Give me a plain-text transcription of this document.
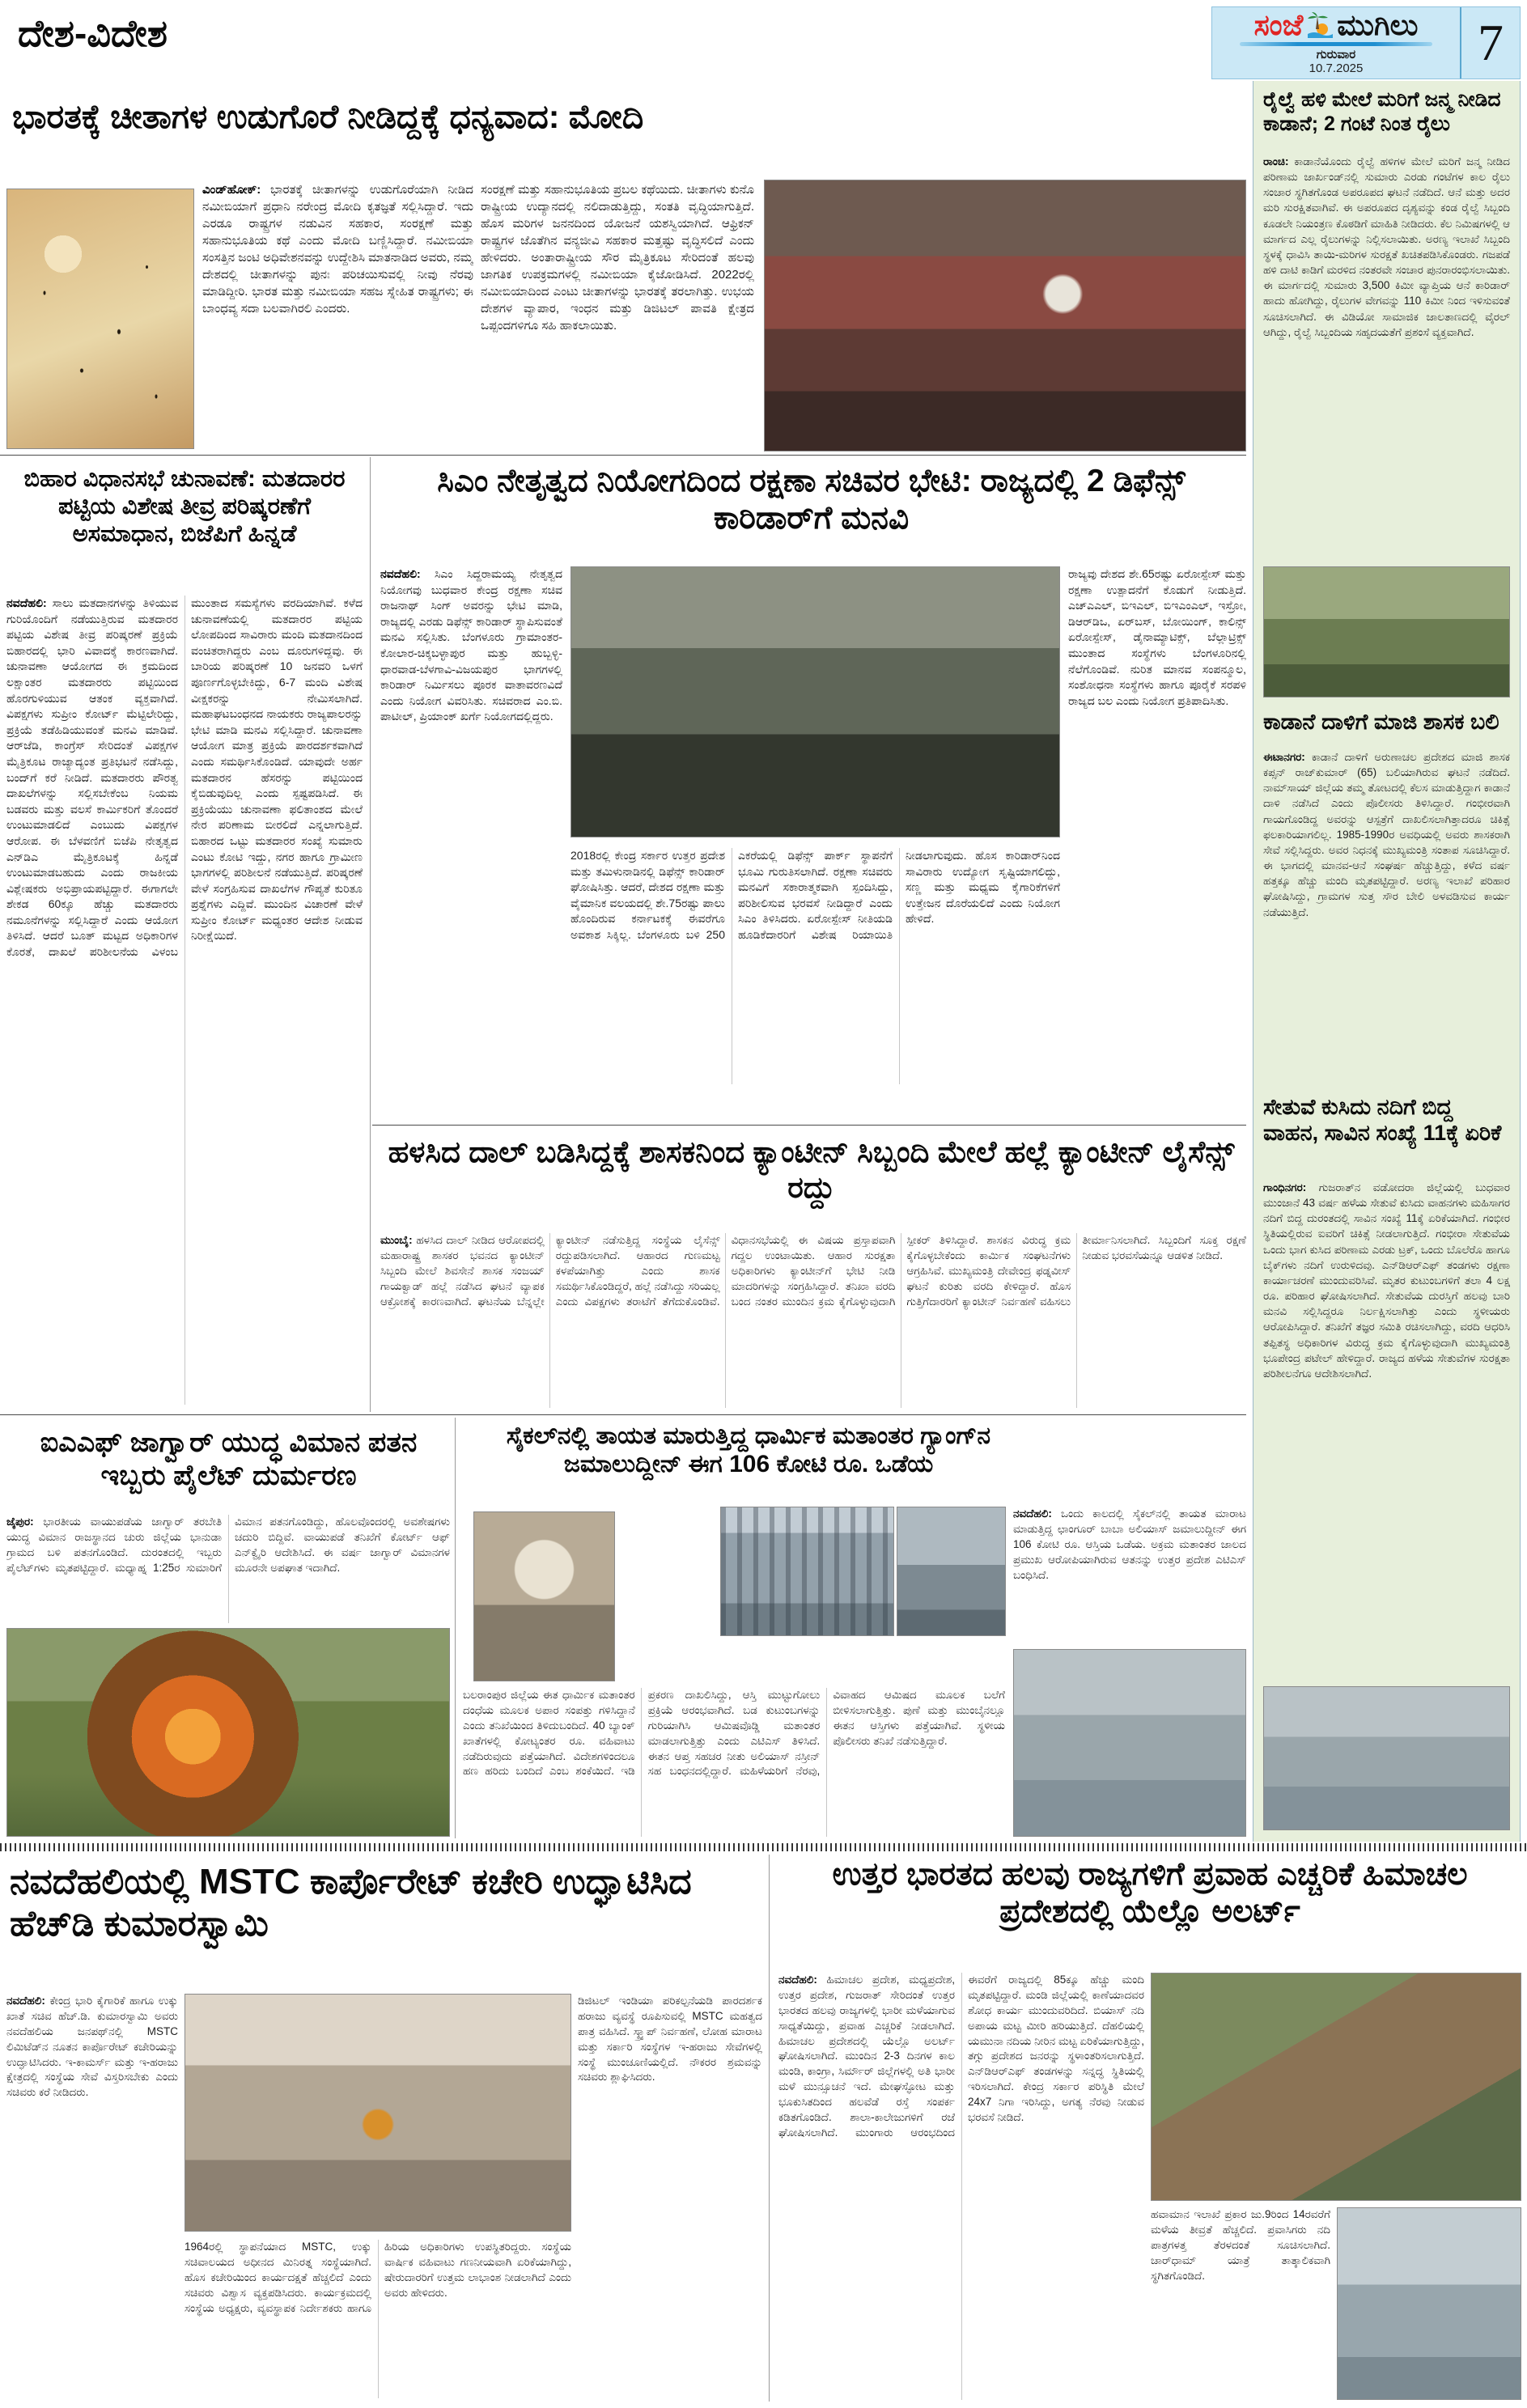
ದೇಶ-ವಿದೇಶ	ಸಂಜೆ ಮುಗಿಲು
ಗುರುವಾರ
10.7.2025	7
ಭಾರತಕ್ಕೆ ಚೀತಾಗಳ ಉಡುಗೊರೆ ನೀಡಿದ್ದಕ್ಕೆ ಧನ್ಯವಾದ: ಮೋದಿ
ವಿಂಡ್‌ಹೋಕ್: ಭಾರತಕ್ಕೆ ಚೀತಾಗಳನ್ನು ಉಡುಗೊರೆಯಾಗಿ ನೀಡಿದ ನಮೀಬಿಯಾಗೆ ಪ್ರಧಾನಿ ನರೇಂದ್ರ ಮೋದಿ ಕೃತಜ್ಞತೆ ಸಲ್ಲಿಸಿದ್ದಾರೆ. ಇದು ಎರಡೂ ರಾಷ್ಟ್ರಗಳ ನಡುವಿನ ಸಹಕಾರ, ಸಂರಕ್ಷಣೆ ಮತ್ತು ಸಹಾನುಭೂತಿಯ ಕಥೆ ಎಂದು ಮೋದಿ ಬಣ್ಣಿಸಿದ್ದಾರೆ. ನಮೀಬಿಯಾ ಸಂಸತ್ತಿನ ಜಂಟಿ ಅಧಿವೇಶನವನ್ನು ಉದ್ದೇಶಿಸಿ ಮಾತನಾಡಿದ ಅವರು, ನಮ್ಮ ದೇಶದಲ್ಲಿ ಚೀತಾಗಳನ್ನು ಪುನಃ ಪರಿಚಯಿಸುವಲ್ಲಿ ನೀವು ನೆರವು ಮಾಡಿದ್ದೀರಿ. ಭಾರತ ಮತ್ತು ನಮೀಬಿಯಾ ಸಹಜ ಸ್ನೇಹಿತ ರಾಷ್ಟ್ರಗಳು; ಈ ಬಾಂಧವ್ಯ ಸದಾ ಬಲವಾಗಿರಲಿ ಎಂದರು.
ಸಂರಕ್ಷಣೆ ಮತ್ತು ಸಹಾನುಭೂತಿಯ ಪ್ರಬಲ ಕಥೆಯಿದು. ಚೀತಾಗಳು ಕುನೊ ರಾಷ್ಟ್ರೀಯ ಉದ್ಯಾನದಲ್ಲಿ ನಲಿದಾಡುತ್ತಿದ್ದು, ಸಂತತಿ ವೃದ್ಧಿಯಾಗುತ್ತಿದೆ. ಹೊಸ ಮರಿಗಳ ಜನನದಿಂದ ಯೋಜನೆ ಯಶಸ್ವಿಯಾಗಿದೆ. ಆಫ್ರಿಕನ್ ರಾಷ್ಟ್ರಗಳ ಜೊತೆಗಿನ ವನ್ಯಜೀವಿ ಸಹಕಾರ ಮತ್ತಷ್ಟು ವೃದ್ಧಿಸಲಿದೆ ಎಂದು ಹೇಳಿದರು. ಅಂತಾರಾಷ್ಟ್ರೀಯ ಸೌರ ಮೈತ್ರಿಕೂಟ ಸೇರಿದಂತೆ ಹಲವು ಜಾಗತಿಕ ಉಪಕ್ರಮಗಳಲ್ಲಿ ನಮೀಬಿಯಾ ಕೈಜೋಡಿಸಿದೆ. 2022ರಲ್ಲಿ ನಮೀಬಿಯಾದಿಂದ ಎಂಟು ಚೀತಾಗಳನ್ನು ಭಾರತಕ್ಕೆ ತರಲಾಗಿತ್ತು. ಉಭಯ ದೇಶಗಳ ವ್ಯಾಪಾರ, ಇಂಧನ ಮತ್ತು ಡಿಜಿಟಲ್ ಪಾವತಿ ಕ್ಷೇತ್ರದ ಒಪ್ಪಂದಗಳಿಗೂ ಸಹಿ ಹಾಕಲಾಯಿತು.
ಬಿಹಾರ ವಿಧಾನಸಭೆ ಚುನಾವಣೆ: ಮತದಾರರ ಪಟ್ಟಿಯ ವಿಶೇಷ ತೀವ್ರ ಪರಿಷ್ಕರಣೆಗೆ ಅಸಮಾಧಾನ, ಬಿಜೆಪಿಗೆ ಹಿನ್ನಡೆ
ನವದೆಹಲಿ: ಸಾಲು ಮತದಾನಗಳನ್ನು ತಿಳಿಯುವ ಗುರಿಯೊಂದಿಗೆ ನಡೆಯುತ್ತಿರುವ ಮತದಾರರ ಪಟ್ಟಿಯ ವಿಶೇಷ ತೀವ್ರ ಪರಿಷ್ಕರಣೆ ಪ್ರಕ್ರಿಯೆ ಬಿಹಾರದಲ್ಲಿ ಭಾರಿ ವಿವಾದಕ್ಕೆ ಕಾರಣವಾಗಿದೆ. ಚುನಾವಣಾ ಆಯೋಗದ ಈ ಕ್ರಮದಿಂದ ಲಕ್ಷಾಂತರ ಮತದಾರರು ಪಟ್ಟಿಯಿಂದ ಹೊರಗುಳಿಯುವ ಆತಂಕ ವ್ಯಕ್ತವಾಗಿದೆ. ವಿಪಕ್ಷಗಳು ಸುಪ್ರೀಂ ಕೋರ್ಟ್ ಮೆಟ್ಟಿಲೇರಿದ್ದು, ಪ್ರಕ್ರಿಯೆ ತಡೆಹಿಡಿಯುವಂತೆ ಮನವಿ ಮಾಡಿವೆ. ಆರ್‌ಜೆಡಿ, ಕಾಂಗ್ರೆಸ್ ಸೇರಿದಂತೆ ವಿಪಕ್ಷಗಳ ಮೈತ್ರಿಕೂಟ ರಾಜ್ಯಾದ್ಯಂತ ಪ್ರತಿಭಟನೆ ನಡೆಸಿದ್ದು, ಬಂದ್‌ಗೆ ಕರೆ ನೀಡಿದೆ. ಮತದಾರರು ಪೌರತ್ವ ದಾಖಲೆಗಳನ್ನು ಸಲ್ಲಿಸಬೇಕೆಂಬ ನಿಯಮ ಬಡವರು ಮತ್ತು ವಲಸೆ ಕಾರ್ಮಿಕರಿಗೆ ತೊಂದರೆ ಉಂಟುಮಾಡಲಿದೆ ಎಂಬುದು ವಿಪಕ್ಷಗಳ ಆರೋಪ. ಈ ಬೆಳವಣಿಗೆ ಬಿಜೆಪಿ ನೇತೃತ್ವದ ಎನ್‌ಡಿಎ ಮೈತ್ರಿಕೂಟಕ್ಕೆ ಹಿನ್ನಡೆ ಉಂಟುಮಾಡಬಹುದು ಎಂದು ರಾಜಕೀಯ ವಿಶ್ಲೇಷಕರು ಅಭಿಪ್ರಾಯಪಟ್ಟಿದ್ದಾರೆ. ಈಗಾಗಲೇ ಶೇಕಡ 60ಕ್ಕೂ ಹೆಚ್ಚು ಮತದಾರರು ನಮೂನೆಗಳನ್ನು ಸಲ್ಲಿಸಿದ್ದಾರೆ ಎಂದು ಆಯೋಗ ತಿಳಿಸಿದೆ. ಆದರೆ ಬೂತ್ ಮಟ್ಟದ ಅಧಿಕಾರಿಗಳ ಕೊರತೆ, ದಾಖಲೆ ಪರಿಶೀಲನೆಯ ವಿಳಂಬ ಮುಂತಾದ ಸಮಸ್ಯೆಗಳು ವರದಿಯಾಗಿವೆ. ಕಳೆದ ಚುನಾವಣೆಯಲ್ಲಿ ಮತದಾರರ ಪಟ್ಟಿಯ ಲೋಪದಿಂದ ಸಾವಿರಾರು ಮಂದಿ ಮತದಾನದಿಂದ ವಂಚಿತರಾಗಿದ್ದರು ಎಂಬ ದೂರುಗಳಿದ್ದವು. ಈ ಬಾರಿಯ ಪರಿಷ್ಕರಣೆ 10 ಜನವರಿ ಒಳಗೆ ಪೂರ್ಣಗೊಳ್ಳಬೇಕಿದ್ದು, 6-7 ಮಂದಿ ವಿಶೇಷ ವೀಕ್ಷಕರನ್ನು ನೇಮಿಸಲಾಗಿದೆ. ಮಹಾಘಟಬಂಧನದ ನಾಯಕರು ರಾಜ್ಯಪಾಲರನ್ನು ಭೇಟಿ ಮಾಡಿ ಮನವಿ ಸಲ್ಲಿಸಿದ್ದಾರೆ. ಚುನಾವಣಾ ಆಯೋಗ ಮಾತ್ರ ಪ್ರಕ್ರಿಯೆ ಪಾರದರ್ಶಕವಾಗಿದೆ ಎಂದು ಸಮರ್ಥಿಸಿಕೊಂಡಿದೆ. ಯಾವುದೇ ಅರ್ಹ ಮತದಾರನ ಹೆಸರನ್ನು ಪಟ್ಟಿಯಿಂದ ಕೈಬಿಡುವುದಿಲ್ಲ ಎಂದು ಸ್ಪಷ್ಟಪಡಿಸಿದೆ. ಈ ಪ್ರಕ್ರಿಯೆಯು ಚುನಾವಣಾ ಫಲಿತಾಂಶದ ಮೇಲೆ ನೇರ ಪರಿಣಾಮ ಬೀರಲಿದೆ ಎನ್ನಲಾಗುತ್ತಿದೆ. ಬಿಹಾರದ ಒಟ್ಟು ಮತದಾರರ ಸಂಖ್ಯೆ ಸುಮಾರು ಎಂಟು ಕೋಟಿ ಇದ್ದು, ನಗರ ಹಾಗೂ ಗ್ರಾಮೀಣ ಭಾಗಗಳಲ್ಲಿ ಪರಿಶೀಲನೆ ನಡೆಯುತ್ತಿದೆ. ಪರಿಷ್ಕರಣೆ ವೇಳೆ ಸಂಗ್ರಹಿಸುವ ದಾಖಲೆಗಳ ಗೌಪ್ಯತೆ ಕುರಿತೂ ಪ್ರಶ್ನೆಗಳು ಎದ್ದಿವೆ. ಮುಂದಿನ ವಿಚಾರಣೆ ವೇಳೆ ಸುಪ್ರೀಂ ಕೋರ್ಟ್ ಮಧ್ಯಂತರ ಆದೇಶ ನೀಡುವ ನಿರೀಕ್ಷೆಯಿದೆ.
ಸಿಎಂ ನೇತೃತ್ವದ ನಿಯೋಗದಿಂದ ರಕ್ಷಣಾ ಸಚಿವರ ಭೇಟಿ: ರಾಜ್ಯದಲ್ಲಿ 2 ಡಿಫೆನ್ಸ್ ಕಾರಿಡಾರ್‌ಗೆ ಮನವಿ
ನವದೆಹಲಿ: ಸಿಎಂ ಸಿದ್ದರಾಮಯ್ಯ ನೇತೃತ್ವದ ನಿಯೋಗವು ಬುಧವಾರ ಕೇಂದ್ರ ರಕ್ಷಣಾ ಸಚಿವ ರಾಜನಾಥ್ ಸಿಂಗ್ ಅವರನ್ನು ಭೇಟಿ ಮಾಡಿ, ರಾಜ್ಯದಲ್ಲಿ ಎರಡು ಡಿಫೆನ್ಸ್ ಕಾರಿಡಾರ್ ಸ್ಥಾಪಿಸುವಂತೆ ಮನವಿ ಸಲ್ಲಿಸಿತು. ಬೆಂಗಳೂರು ಗ್ರಾಮಾಂತರ-ಕೋಲಾರ-ಚಿಕ್ಕಬಳ್ಳಾಪುರ ಮತ್ತು ಹುಬ್ಬಳ್ಳಿ-ಧಾರವಾಡ-ಬೆಳಗಾವಿ-ವಿಜಯಪುರ ಭಾಗಗಳಲ್ಲಿ ಕಾರಿಡಾರ್ ನಿರ್ಮಿಸಲು ಪೂರಕ ವಾತಾವರಣವಿದೆ ಎಂದು ನಿಯೋಗ ವಿವರಿಸಿತು. ಸಚಿವರಾದ ಎಂ.ಬಿ. ಪಾಟೀಲ್, ಪ್ರಿಯಾಂಕ್ ಖರ್ಗೆ ನಿಯೋಗದಲ್ಲಿದ್ದರು.
ರಾಜ್ಯವು ದೇಶದ ಶೇ.65ರಷ್ಟು ಏರೋಸ್ಪೇಸ್ ಮತ್ತು ರಕ್ಷಣಾ ಉತ್ಪಾದನೆಗೆ ಕೊಡುಗೆ ನೀಡುತ್ತಿದೆ. ಎಚ್‌ಎಎಲ್, ಬಿಇಎಲ್, ಬಿಇಎಂಎಲ್, ಇಸ್ರೋ, ಡಿಆರ್‌ಡಿಒ, ಏರ್‌ಬಸ್, ಬೋಯಿಂಗ್, ಕಾಲಿನ್ಸ್ ಏರೋಸ್ಪೇಸ್, ಡೈನಾಮ್ಯಾಟಿಕ್ಸ್, ಬೆಲ್ಲಾಟ್ರಿಕ್ಸ್ ಮುಂತಾದ ಸಂಸ್ಥೆಗಳು ಬೆಂಗಳೂರಿನಲ್ಲಿ ನೆಲೆಗೊಂಡಿವೆ. ನುರಿತ ಮಾನವ ಸಂಪನ್ಮೂಲ, ಸಂಶೋಧನಾ ಸಂಸ್ಥೆಗಳು ಹಾಗೂ ಪೂರೈಕೆ ಸರಪಳಿ ರಾಜ್ಯದ ಬಲ ಎಂದು ನಿಯೋಗ ಪ್ರತಿಪಾದಿಸಿತು.
2018ರಲ್ಲಿ ಕೇಂದ್ರ ಸರ್ಕಾರ ಉತ್ತರ ಪ್ರದೇಶ ಮತ್ತು ತಮಿಳುನಾಡಿನಲ್ಲಿ ಡಿಫೆನ್ಸ್ ಕಾರಿಡಾರ್ ಘೋಷಿಸಿತ್ತು. ಆದರೆ, ದೇಶದ ರಕ್ಷಣಾ ಮತ್ತು ವೈಮಾನಿಕ ವಲಯದಲ್ಲಿ ಶೇ.75ರಷ್ಟು ಪಾಲು ಹೊಂದಿರುವ ಕರ್ನಾಟಕಕ್ಕೆ ಈವರೆಗೂ ಅವಕಾಶ ಸಿಕ್ಕಿಲ್ಲ. ಬೆಂಗಳೂರು ಬಳಿ 250 ಎಕರೆಯಲ್ಲಿ ಡಿಫೆನ್ಸ್ ಪಾರ್ಕ್ ಸ್ಥಾಪನೆಗೆ ಭೂಮಿ ಗುರುತಿಸಲಾಗಿದೆ. ರಕ್ಷಣಾ ಸಚಿವರು ಮನವಿಗೆ ಸಕಾರಾತ್ಮಕವಾಗಿ ಸ್ಪಂದಿಸಿದ್ದು, ಪರಿಶೀಲಿಸುವ ಭರವಸೆ ನೀಡಿದ್ದಾರೆ ಎಂದು ಸಿಎಂ ತಿಳಿಸಿದರು. ಏರೋಸ್ಪೇಸ್ ನೀತಿಯಡಿ ಹೂಡಿಕೆದಾರರಿಗೆ ವಿಶೇಷ ರಿಯಾಯಿತಿ ನೀಡಲಾಗುವುದು. ಹೊಸ ಕಾರಿಡಾರ್‌ನಿಂದ ಸಾವಿರಾರು ಉದ್ಯೋಗ ಸೃಷ್ಟಿಯಾಗಲಿದ್ದು, ಸಣ್ಣ ಮತ್ತು ಮಧ್ಯಮ ಕೈಗಾರಿಕೆಗಳಿಗೆ ಉತ್ತೇಜನ ದೊರೆಯಲಿದೆ ಎಂದು ನಿಯೋಗ ಹೇಳಿದೆ.
ಹಳಸಿದ ದಾಲ್ ಬಡಿಸಿದ್ದಕ್ಕೆ ಶಾಸಕನಿಂದ ಕ್ಯಾಂಟೀನ್ ಸಿಬ್ಬಂದಿ ಮೇಲೆ ಹಲ್ಲೆ ಕ್ಯಾಂಟೀನ್ ಲೈಸೆನ್ಸ್ ರದ್ದು
ಮುಂಬೈ: ಹಳಸಿದ ದಾಲ್ ನೀಡಿದ ಆರೋಪದಲ್ಲಿ ಮಹಾರಾಷ್ಟ್ರ ಶಾಸಕರ ಭವನದ ಕ್ಯಾಂಟೀನ್ ಸಿಬ್ಬಂದಿ ಮೇಲೆ ಶಿವಸೇನೆ ಶಾಸಕ ಸಂಜಯ್ ಗಾಯಕ್ವಾಡ್ ಹಲ್ಲೆ ನಡೆಸಿದ ಘಟನೆ ವ್ಯಾಪಕ ಆಕ್ರೋಶಕ್ಕೆ ಕಾರಣವಾಗಿದೆ. ಘಟನೆಯ ಬೆನ್ನಲ್ಲೇ ಕ್ಯಾಂಟೀನ್ ನಡೆಸುತ್ತಿದ್ದ ಸಂಸ್ಥೆಯ ಲೈಸೆನ್ಸ್ ರದ್ದುಪಡಿಸಲಾಗಿದೆ. ಆಹಾರದ ಗುಣಮಟ್ಟ ಕಳಪೆಯಾಗಿತ್ತು ಎಂದು ಶಾಸಕ ಸಮರ್ಥಿಸಿಕೊಂಡಿದ್ದರೆ, ಹಲ್ಲೆ ನಡೆಸಿದ್ದು ಸರಿಯಲ್ಲ ಎಂದು ವಿಪಕ್ಷಗಳು ತರಾಟೆಗೆ ತೆಗೆದುಕೊಂಡಿವೆ. ವಿಧಾನಸಭೆಯಲ್ಲಿ ಈ ವಿಷಯ ಪ್ರಸ್ತಾಪವಾಗಿ ಗದ್ದಲ ಉಂಟಾಯಿತು. ಆಹಾರ ಸುರಕ್ಷತಾ ಅಧಿಕಾರಿಗಳು ಕ್ಯಾಂಟೀನ್‌ಗೆ ಭೇಟಿ ನೀಡಿ ಮಾದರಿಗಳನ್ನು ಸಂಗ್ರಹಿಸಿದ್ದಾರೆ. ತನಿಖಾ ವರದಿ ಬಂದ ನಂತರ ಮುಂದಿನ ಕ್ರಮ ಕೈಗೊಳ್ಳುವುದಾಗಿ ಸ್ಪೀಕರ್ ತಿಳಿಸಿದ್ದಾರೆ. ಶಾಸಕನ ವಿರುದ್ಧ ಕ್ರಮ ಕೈಗೊಳ್ಳಬೇಕೆಂದು ಕಾರ್ಮಿಕ ಸಂಘಟನೆಗಳು ಆಗ್ರಹಿಸಿವೆ. ಮುಖ್ಯಮಂತ್ರಿ ದೇವೇಂದ್ರ ಫಡ್ನವೀಸ್ ಘಟನೆ ಕುರಿತು ವರದಿ ಕೇಳಿದ್ದಾರೆ. ಹೊಸ ಗುತ್ತಿಗೆದಾರರಿಗೆ ಕ್ಯಾಂಟೀನ್ ನಿರ್ವಹಣೆ ವಹಿಸಲು ತೀರ್ಮಾನಿಸಲಾಗಿದೆ. ಸಿಬ್ಬಂದಿಗೆ ಸೂಕ್ತ ರಕ್ಷಣೆ ನೀಡುವ ಭರವಸೆಯನ್ನೂ ಆಡಳಿತ ನೀಡಿದೆ.
ಐಎಎಫ್ ಜಾಗ್ವಾರ್ ಯುದ್ಧ ವಿಮಾನ ಪತನ ಇಬ್ಬರು ಪೈಲೆಟ್ ದುರ್ಮರಣ
ಜೈಪುರ: ಭಾರತೀಯ ವಾಯುಪಡೆಯ ಜಾಗ್ವಾರ್ ತರಬೇತಿ ಯುದ್ಧ ವಿಮಾನ ರಾಜಸ್ಥಾನದ ಚುರು ಜಿಲ್ಲೆಯ ಭಾನುಡಾ ಗ್ರಾಮದ ಬಳಿ ಪತನಗೊಂಡಿದೆ. ದುರಂತದಲ್ಲಿ ಇಬ್ಬರು ಪೈಲೆಟ್‌ಗಳು ಮೃತಪಟ್ಟಿದ್ದಾರೆ. ಮಧ್ಯಾಹ್ನ 1:25ರ ಸುಮಾರಿಗೆ ವಿಮಾನ ಪತನಗೊಂಡಿದ್ದು, ಹೊಲವೊಂದರಲ್ಲಿ ಅವಶೇಷಗಳು ಚದುರಿ ಬಿದ್ದಿವೆ. ವಾಯುಪಡೆ ತನಿಖೆಗೆ ಕೋರ್ಟ್ ಆಫ್ ಎನ್‌ಕ್ವೈರಿ ಆದೇಶಿಸಿದೆ. ಈ ವರ್ಷ ಜಾಗ್ವಾರ್ ವಿಮಾನಗಳ ಮೂರನೇ ಅಪಘಾತ ಇದಾಗಿದೆ.
ಸೈಕಲ್‌ನಲ್ಲಿ ತಾಯತ ಮಾರುತ್ತಿದ್ದ ಧಾರ್ಮಿಕ ಮತಾಂತರ ಗ್ಯಾಂಗ್‌ನ ಜಮಾಲುದ್ದೀನ್ ಈಗ 106 ಕೋಟಿ ರೂ. ಒಡೆಯ
ನವದೆಹಲಿ: ಒಂದು ಕಾಲದಲ್ಲಿ ಸೈಕಲ್‌ನಲ್ಲಿ ತಾಯತ ಮಾರಾಟ ಮಾಡುತ್ತಿದ್ದ ಛಾಂಗೂರ್ ಬಾಬಾ ಅಲಿಯಾಸ್ ಜಮಾಲುದ್ದೀನ್ ಈಗ 106 ಕೋಟಿ ರೂ. ಆಸ್ತಿಯ ಒಡೆಯ. ಅಕ್ರಮ ಮತಾಂತರ ಜಾಲದ ಪ್ರಮುಖ ಆರೋಪಿಯಾಗಿರುವ ಆತನನ್ನು ಉತ್ತರ ಪ್ರದೇಶ ಎಟಿಎಸ್ ಬಂಧಿಸಿದೆ.
ಬಲರಾಂಪುರ ಜಿಲ್ಲೆಯ ಈತ ಧಾರ್ಮಿಕ ಮತಾಂತರ ದಂಧೆಯ ಮೂಲಕ ಅಪಾರ ಸಂಪತ್ತು ಗಳಿಸಿದ್ದಾನೆ ಎಂದು ತನಿಖೆಯಿಂದ ತಿಳಿದುಬಂದಿದೆ. 40 ಬ್ಯಾಂಕ್ ಖಾತೆಗಳಲ್ಲಿ ಕೋಟ್ಯಂತರ ರೂ. ವಹಿವಾಟು ನಡೆದಿರುವುದು ಪತ್ತೆಯಾಗಿದೆ. ವಿದೇಶಗಳಿಂದಲೂ ಹಣ ಹರಿದು ಬಂದಿದೆ ಎಂಬ ಶಂಕೆಯಿದೆ. ಇಡಿ ಪ್ರಕರಣ ದಾಖಲಿಸಿದ್ದು, ಆಸ್ತಿ ಮುಟ್ಟುಗೋಲು ಪ್ರಕ್ರಿಯೆ ಆರಂಭವಾಗಿದೆ. ಬಡ ಕುಟುಂಬಗಳನ್ನು ಗುರಿಯಾಗಿಸಿ ಆಮಿಷವೊಡ್ಡಿ ಮತಾಂತರ ಮಾಡಲಾಗುತ್ತಿತ್ತು ಎಂದು ಎಟಿಎಸ್ ತಿಳಿಸಿದೆ. ಈತನ ಆಪ್ತ ಸಹಚರ ನೀತು ಅಲಿಯಾಸ್ ನಸ್ರೀನ್ ಸಹ ಬಂಧನದಲ್ಲಿದ್ದಾರೆ. ಮಹಿಳೆಯರಿಗೆ ನೆರವು, ವಿವಾಹದ ಆಮಿಷದ ಮೂಲಕ ಬಲೆಗೆ ಬೀಳಿಸಲಾಗುತ್ತಿತ್ತು. ಪುಣೆ ಮತ್ತು ಮುಂಬೈನಲ್ಲೂ ಈತನ ಆಸ್ತಿಗಳು ಪತ್ತೆಯಾಗಿವೆ. ಸ್ಥಳೀಯ ಪೊಲೀಸರು ತನಿಖೆ ನಡೆಸುತ್ತಿದ್ದಾರೆ.
ರೈಲ್ವೆ ಹಳಿ ಮೇಲೆ ಮರಿಗೆ ಜನ್ಮ ನೀಡಿದ ಕಾಡಾನೆ; 2 ಗಂಟೆ ನಿಂತ ರೈಲು
ರಾಂಚಿ: ಕಾಡಾನೆಯೊಂದು ರೈಲ್ವೆ ಹಳಿಗಳ ಮೇಲೆ ಮರಿಗೆ ಜನ್ಮ ನೀಡಿದ ಪರಿಣಾಮ ಜಾರ್ಖಂಡ್‌ನಲ್ಲಿ ಸುಮಾರು ಎರಡು ಗಂಟೆಗಳ ಕಾಲ ರೈಲು ಸಂಚಾರ ಸ್ಥಗಿತಗೊಂಡ ಅಪರೂಪದ ಘಟನೆ ನಡೆದಿದೆ. ಆನೆ ಮತ್ತು ಅದರ ಮರಿ ಸುರಕ್ಷಿತವಾಗಿವೆ. ಈ ಅಪರೂಪದ ದೃಶ್ಯವನ್ನು ಕಂಡ ರೈಲ್ವೆ ಸಿಬ್ಬಂದಿ ಕೂಡಲೇ ನಿಯಂತ್ರಣ ಕೊಠಡಿಗೆ ಮಾಹಿತಿ ನೀಡಿದರು. ಕೆಲ ನಿಮಿಷಗಳಲ್ಲಿ ಆ ಮಾರ್ಗದ ಎಲ್ಲ ರೈಲುಗಳನ್ನು ನಿಲ್ಲಿಸಲಾಯಿತು. ಅರಣ್ಯ ಇಲಾಖೆ ಸಿಬ್ಬಂದಿ ಸ್ಥಳಕ್ಕೆ ಧಾವಿಸಿ ತಾಯಿ-ಮರಿಗಳ ಸುರಕ್ಷತೆ ಖಚಿತಪಡಿಸಿಕೊಂಡರು. ಗಜಪಡೆ ಹಳಿ ದಾಟಿ ಕಾಡಿಗೆ ಮರಳಿದ ನಂತರವೇ ಸಂಚಾರ ಪುನರಾರಂಭಿಸಲಾಯಿತು. ಈ ಮಾರ್ಗದಲ್ಲಿ ಸುಮಾರು 3,500 ಕಿಮೀ ವ್ಯಾಪ್ತಿಯ ಆನೆ ಕಾರಿಡಾರ್ ಹಾದು ಹೋಗಿದ್ದು, ರೈಲುಗಳ ವೇಗವನ್ನು 110 ಕಿಮೀ ನಿಂದ ಇಳಿಸುವಂತೆ ಸೂಚಿಸಲಾಗಿದೆ. ಈ ವಿಡಿಯೋ ಸಾಮಾಜಿಕ ಜಾಲತಾಣದಲ್ಲಿ ವೈರಲ್ ಆಗಿದ್ದು, ರೈಲ್ವೆ ಸಿಬ್ಬಂದಿಯ ಸಹೃದಯತೆಗೆ ಪ್ರಶಂಸೆ ವ್ಯಕ್ತವಾಗಿದೆ.
ಕಾಡಾನೆ ದಾಳಿಗೆ ಮಾಜಿ ಶಾಸಕ ಬಲಿ
ಈಟಾನಗರ: ಕಾಡಾನೆ ದಾಳಿಗೆ ಅರುಣಾಚಲ ಪ್ರದೇಶದ ಮಾಜಿ ಶಾಸಕ ಕಪ್ಸನ್ ರಾಜ್‌ಕುಮಾರ್ (65) ಬಲಿಯಾಗಿರುವ ಘಟನೆ ನಡೆದಿದೆ. ನಾಮ್‌ಸಾಯ್ ಜಿಲ್ಲೆಯ ತಮ್ಮ ತೋಟದಲ್ಲಿ ಕೆಲಸ ಮಾಡುತ್ತಿದ್ದಾಗ ಕಾಡಾನೆ ದಾಳಿ ನಡೆಸಿದೆ ಎಂದು ಪೊಲೀಸರು ತಿಳಿಸಿದ್ದಾರೆ. ಗಂಭೀರವಾಗಿ ಗಾಯಗೊಂಡಿದ್ದ ಅವರನ್ನು ಆಸ್ಪತ್ರೆಗೆ ದಾಖಲಿಸಲಾಗಿತ್ತಾದರೂ ಚಿಕಿತ್ಸೆ ಫಲಕಾರಿಯಾಗಲಿಲ್ಲ. 1985-1990ರ ಅವಧಿಯಲ್ಲಿ ಅವರು ಶಾಸಕರಾಗಿ ಸೇವೆ ಸಲ್ಲಿಸಿದ್ದರು. ಅವರ ನಿಧನಕ್ಕೆ ಮುಖ್ಯಮಂತ್ರಿ ಸಂತಾಪ ಸೂಚಿಸಿದ್ದಾರೆ. ಈ ಭಾಗದಲ್ಲಿ ಮಾನವ-ಆನೆ ಸಂಘರ್ಷ ಹೆಚ್ಚುತ್ತಿದ್ದು, ಕಳೆದ ವರ್ಷ ಹತ್ತಕ್ಕೂ ಹೆಚ್ಚು ಮಂದಿ ಮೃತಪಟ್ಟಿದ್ದಾರೆ. ಅರಣ್ಯ ಇಲಾಖೆ ಪರಿಹಾರ ಘೋಷಿಸಿದ್ದು, ಗ್ರಾಮಗಳ ಸುತ್ತ ಸೌರ ಬೇಲಿ ಅಳವಡಿಸುವ ಕಾರ್ಯ ನಡೆಯುತ್ತಿದೆ.
ಸೇತುವೆ ಕುಸಿದು ನದಿಗೆ ಬಿದ್ದ ವಾಹನ, ಸಾವಿನ ಸಂಖ್ಯೆ 11ಕ್ಕೆ ಏರಿಕೆ
ಗಾಂಧಿನಗರ: ಗುಜರಾತ್‌ನ ವಡೋದರಾ ಜಿಲ್ಲೆಯಲ್ಲಿ ಬುಧವಾರ ಮುಂಜಾನೆ 43 ವರ್ಷ ಹಳೆಯ ಸೇತುವೆ ಕುಸಿದು ವಾಹನಗಳು ಮಹಿಸಾಗರ ನದಿಗೆ ಬಿದ್ದ ದುರಂತದಲ್ಲಿ ಸಾವಿನ ಸಂಖ್ಯೆ 11ಕ್ಕೆ ಏರಿಕೆಯಾಗಿದೆ. ಗಂಭೀರ ಸ್ಥಿತಿಯಲ್ಲಿರುವ ಐವರಿಗೆ ಚಿಕಿತ್ಸೆ ನೀಡಲಾಗುತ್ತಿದೆ. ಗಂಭೀರಾ ಸೇತುವೆಯ ಒಂದು ಭಾಗ ಕುಸಿದ ಪರಿಣಾಮ ಎರಡು ಟ್ರಕ್, ಒಂದು ಬೊಲೆರೊ ಹಾಗೂ ಬೈಕ್‌ಗಳು ನದಿಗೆ ಉರುಳಿದವು. ಎನ್‌ಡಿಆರ್‌ಎಫ್ ತಂಡಗಳು ರಕ್ಷಣಾ ಕಾರ್ಯಾಚರಣೆ ಮುಂದುವರಿಸಿವೆ. ಮೃತರ ಕುಟುಂಬಗಳಿಗೆ ತಲಾ 4 ಲಕ್ಷ ರೂ. ಪರಿಹಾರ ಘೋಷಿಸಲಾಗಿದೆ. ಸೇತುವೆಯ ದುರಸ್ತಿಗೆ ಹಲವು ಬಾರಿ ಮನವಿ ಸಲ್ಲಿಸಿದ್ದರೂ ನಿರ್ಲಕ್ಷಿಸಲಾಗಿತ್ತು ಎಂದು ಸ್ಥಳೀಯರು ಆರೋಪಿಸಿದ್ದಾರೆ. ತನಿಖೆಗೆ ತಜ್ಞರ ಸಮಿತಿ ರಚಿಸಲಾಗಿದ್ದು, ವರದಿ ಆಧರಿಸಿ ತಪ್ಪಿತಸ್ಥ ಅಧಿಕಾರಿಗಳ ವಿರುದ್ಧ ಕ್ರಮ ಕೈಗೊಳ್ಳುವುದಾಗಿ ಮುಖ್ಯಮಂತ್ರಿ ಭೂಪೇಂದ್ರ ಪಟೇಲ್ ಹೇಳಿದ್ದಾರೆ. ರಾಜ್ಯದ ಹಳೆಯ ಸೇತುವೆಗಳ ಸುರಕ್ಷತಾ ಪರಿಶೀಲನೆಗೂ ಆದೇಶಿಸಲಾಗಿದೆ.
ನವದೆಹಲಿಯಲ್ಲಿ MSTC ಕಾರ್ಪೊರೇಟ್ ಕಚೇರಿ ಉದ್ಘಾಟಿಸಿದ ಹೆಚ್‌ಡಿ ಕುಮಾರಸ್ವಾಮಿ
ನವದೆಹಲಿ: ಕೇಂದ್ರ ಭಾರಿ ಕೈಗಾರಿಕೆ ಹಾಗೂ ಉಕ್ಕು ಖಾತೆ ಸಚಿವ ಹೆಚ್.ಡಿ. ಕುಮಾರಸ್ವಾಮಿ ಅವರು ನವದೆಹಲಿಯ ಜನಪಥ್‌ನಲ್ಲಿ MSTC ಲಿಮಿಟೆಡ್‌ನ ನೂತನ ಕಾರ್ಪೊರೇಟ್ ಕಚೇರಿಯನ್ನು ಉದ್ಘಾಟಿಸಿದರು. ಇ-ಕಾಮರ್ಸ್ ಮತ್ತು ಇ-ಹರಾಜು ಕ್ಷೇತ್ರದಲ್ಲಿ ಸಂಸ್ಥೆಯ ಸೇವೆ ವಿಸ್ತರಿಸಬೇಕು ಎಂದು ಸಚಿವರು ಕರೆ ನೀಡಿದರು.
ಡಿಜಿಟಲ್ ಇಂಡಿಯಾ ಪರಿಕಲ್ಪನೆಯಡಿ ಪಾರದರ್ಶಕ ಹರಾಜು ವ್ಯವಸ್ಥೆ ರೂಪಿಸುವಲ್ಲಿ MSTC ಮಹತ್ವದ ಪಾತ್ರ ವಹಿಸಿದೆ. ಸ್ಕ್ರ್ಯಾಪ್ ನಿರ್ವಹಣೆ, ಲೋಹ ಮಾರಾಟ ಮತ್ತು ಸರ್ಕಾರಿ ಸಂಸ್ಥೆಗಳ ಇ-ಹರಾಜು ಸೇವೆಗಳಲ್ಲಿ ಸಂಸ್ಥೆ ಮುಂಚೂಣಿಯಲ್ಲಿದೆ. ನೌಕರರ ಶ್ರಮವನ್ನು ಸಚಿವರು ಶ್ಲಾಘಿಸಿದರು.
1964ರಲ್ಲಿ ಸ್ಥಾಪನೆಯಾದ MSTC, ಉಕ್ಕು ಸಚಿವಾಲಯದ ಅಧೀನದ ಮಿನಿರತ್ನ ಸಂಸ್ಥೆಯಾಗಿದೆ. ಹೊಸ ಕಚೇರಿಯಿಂದ ಕಾರ್ಯದಕ್ಷತೆ ಹೆಚ್ಚಲಿದೆ ಎಂದು ಸಚಿವರು ವಿಶ್ವಾಸ ವ್ಯಕ್ತಪಡಿಸಿದರು. ಕಾರ್ಯಕ್ರಮದಲ್ಲಿ ಸಂಸ್ಥೆಯ ಅಧ್ಯಕ್ಷರು, ವ್ಯವಸ್ಥಾಪಕ ನಿರ್ದೇಶಕರು ಹಾಗೂ ಹಿರಿಯ ಅಧಿಕಾರಿಗಳು ಉಪಸ್ಥಿತರಿದ್ದರು. ಸಂಸ್ಥೆಯ ವಾರ್ಷಿಕ ವಹಿವಾಟು ಗಣನೀಯವಾಗಿ ಏರಿಕೆಯಾಗಿದ್ದು, ಷೇರುದಾರರಿಗೆ ಉತ್ತಮ ಲಾಭಾಂಶ ನೀಡಲಾಗಿದೆ ಎಂದು ಅವರು ಹೇಳಿದರು.
ಉತ್ತರ ಭಾರತದ ಹಲವು ರಾಜ್ಯಗಳಿಗೆ ಪ್ರವಾಹ ಎಚ್ಚರಿಕೆ ಹಿಮಾಚಲ ಪ್ರದೇಶದಲ್ಲಿ ಯೆಲ್ಲೊ ಅಲರ್ಟ್
ನವದೆಹಲಿ: ಹಿಮಾಚಲ ಪ್ರದೇಶ, ಮಧ್ಯಪ್ರದೇಶ, ಉತ್ತರ ಪ್ರದೇಶ, ಗುಜರಾತ್ ಸೇರಿದಂತೆ ಉತ್ತರ ಭಾರತದ ಹಲವು ರಾಜ್ಯಗಳಲ್ಲಿ ಭಾರೀ ಮಳೆಯಾಗುವ ಸಾಧ್ಯತೆಯಿದ್ದು, ಪ್ರವಾಹ ಎಚ್ಚರಿಕೆ ನೀಡಲಾಗಿದೆ. ಹಿಮಾಚಲ ಪ್ರದೇಶದಲ್ಲಿ ಯೆಲ್ಲೊ ಅಲರ್ಟ್ ಘೋಷಿಸಲಾಗಿದೆ. ಮುಂದಿನ 2-3 ದಿನಗಳ ಕಾಲ ಮಂಡಿ, ಕಾಂಗ್ರಾ, ಸಿರ್ಮೌರ್ ಜಿಲ್ಲೆಗಳಲ್ಲಿ ಅತಿ ಭಾರೀ ಮಳೆ ಮುನ್ಸೂಚನೆ ಇದೆ. ಮೇಘಸ್ಫೋಟ ಮತ್ತು ಭೂಕುಸಿತದಿಂದ ಹಲವೆಡೆ ರಸ್ತೆ ಸಂಪರ್ಕ ಕಡಿತಗೊಂಡಿದೆ. ಶಾಲಾ-ಕಾಲೇಜುಗಳಿಗೆ ರಜೆ ಘೋಷಿಸಲಾಗಿದೆ. ಮುಂಗಾರು ಆರಂಭದಿಂದ ಈವರೆಗೆ ರಾಜ್ಯದಲ್ಲಿ 85ಕ್ಕೂ ಹೆಚ್ಚು ಮಂದಿ ಮೃತಪಟ್ಟಿದ್ದಾರೆ. ಮಂಡಿ ಜಿಲ್ಲೆಯಲ್ಲಿ ಕಾಣೆಯಾದವರ ಶೋಧ ಕಾರ್ಯ ಮುಂದುವರಿದಿದೆ. ಬಿಯಾಸ್ ನದಿ ಅಪಾಯ ಮಟ್ಟ ಮೀರಿ ಹರಿಯುತ್ತಿದೆ. ದೆಹಲಿಯಲ್ಲಿ ಯಮುನಾ ನದಿಯ ನೀರಿನ ಮಟ್ಟ ಏರಿಕೆಯಾಗುತ್ತಿದ್ದು, ತಗ್ಗು ಪ್ರದೇಶದ ಜನರನ್ನು ಸ್ಥಳಾಂತರಿಸಲಾಗುತ್ತಿದೆ. ಎನ್‌ಡಿಆರ್‌ಎಫ್ ತಂಡಗಳನ್ನು ಸನ್ನದ್ಧ ಸ್ಥಿತಿಯಲ್ಲಿ ಇರಿಸಲಾಗಿದೆ. ಕೇಂದ್ರ ಸರ್ಕಾರ ಪರಿಸ್ಥಿತಿ ಮೇಲೆ 24x7 ನಿಗಾ ಇರಿಸಿದ್ದು, ಅಗತ್ಯ ನೆರವು ನೀಡುವ ಭರವಸೆ ನೀಡಿದೆ.
ಹವಾಮಾನ ಇಲಾಖೆ ಪ್ರಕಾರ ಜು.9ರಿಂದ 14ರವರೆಗೆ ಮಳೆಯ ತೀವ್ರತೆ ಹೆಚ್ಚಲಿದೆ. ಪ್ರವಾಸಿಗರು ನದಿ ಪಾತ್ರಗಳತ್ತ ತೆರಳದಂತೆ ಸೂಚಿಸಲಾಗಿದೆ. ಚಾರ್‌ಧಾಮ್ ಯಾತ್ರೆ ತಾತ್ಕಾಲಿಕವಾಗಿ ಸ್ಥಗಿತಗೊಂಡಿದೆ.
